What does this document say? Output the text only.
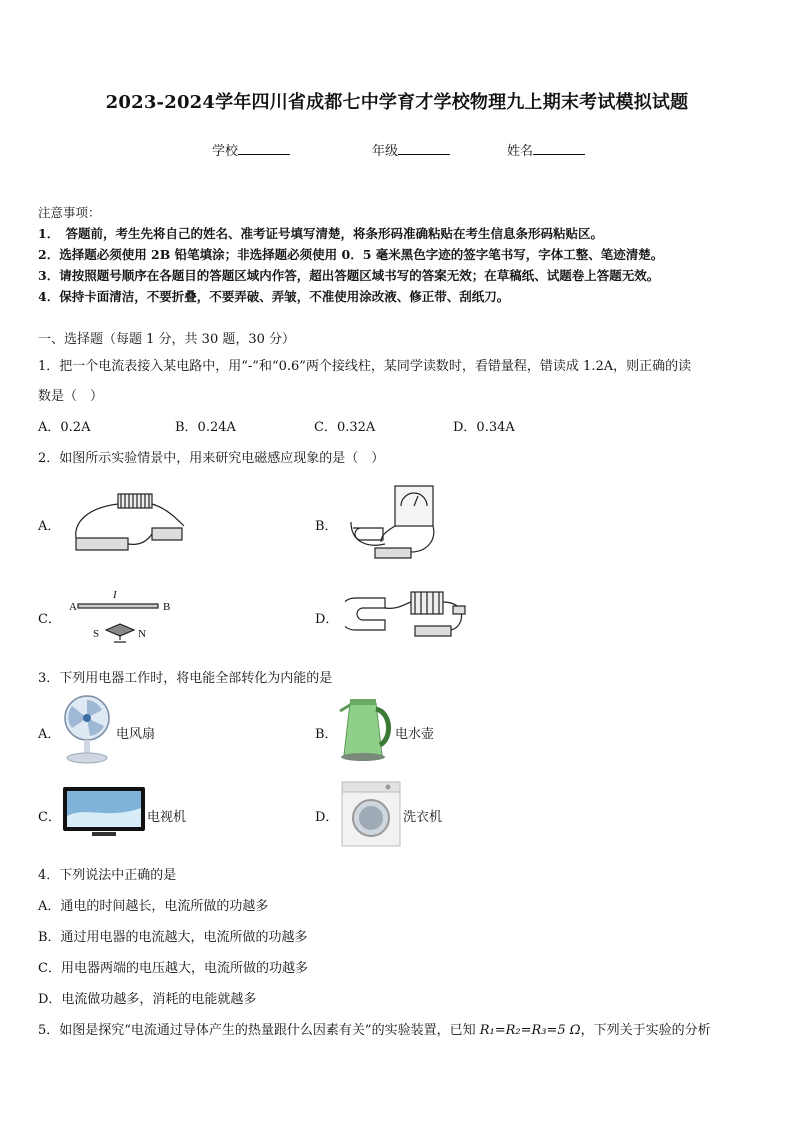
2023-2024学年四川省成都七中学育才学校物理九上期末考试模拟试题
学校	年级	姓名
注意事项：
1．　答题前，考生先将自己的姓名、准考证号填写清楚，将条形码准确粘贴在考生信息条形码粘贴区。
2．选择题必须使用 2B 铅笔填涂；非选择题必须使用 0．5 毫米黑色字迹的签字笔书写，字体工整、笔迹清楚。
3．请按照题号顺序在各题目的答题区域内作答，超出答题区域书写的答案无效；在草稿纸、试题卷上答题无效。
4．保持卡面清洁，不要折叠，不要弄破、弄皱，不准使用涂改液、修正带、刮纸刀。
一、选择题（每题 1 分，共 30 题，30 分）
1．把一个电流表接入某电路中，用“-”和“0.6”两个接线柱，某同学读数时，看错量程，错读成 1.2A，则正确的读
数是（　）
A．0.2A	B．0.24A	C．0.32A	D．0.34A
2．如图所示实验情景中，用来研究电磁感应现象的是（　）
A．	B．
C．
I
A	B
S	N
D．
3．下列用电器工作时，将电能全部转化为内能的是
A．	电风扇	B．	电水壶
C．	电视机	D．	洗衣机
4．下列说法中正确的是
A．通电的时间越长，电流所做的功越多
B．通过用电器的电流越大，电流所做的功越多
C．用电器两端的电压越大，电流所做的功越多
D．电流做功越多，消耗的电能就越多
5．如图是探究“电流通过导体产生的热量跟什么因素有关”的实验装置，已知 R₁=R₂=R₃=5 Ω，下列关于实验的分析
